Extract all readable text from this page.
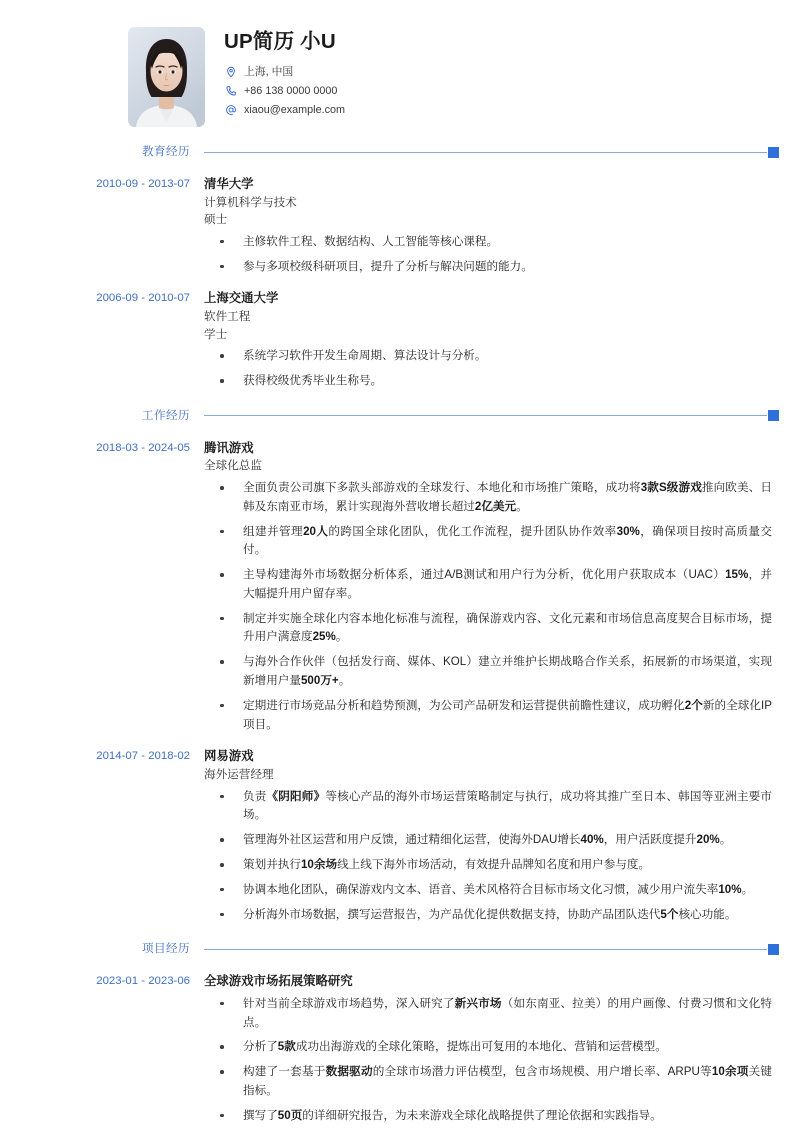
UP简历 小U
上海, 中国
+86 138 0000 0000
xiaou@example.com
教育经历
2010-09 - 2013-07	清华大学
计算机科学与技术
硕士
主修软件工程、数据结构、人工智能等核心课程。
参与多项校级科研项目，提升了分析与解决问题的能力。
2006-09 - 2010-07	上海交通大学
软件工程
学士
系统学习软件开发生命周期、算法设计与分析。
获得校级优秀毕业生称号。
工作经历
2018-03 - 2024-05	腾讯游戏
全球化总监
全面负责公司旗下多款头部游戏的全球发行、本地化和市场推广策略，成功将3款S级游戏推向欧美、日韩及东南亚市场，累计实现海外营收增长超过2亿美元。
组建并管理20人的跨国全球化团队，优化工作流程，提升团队协作效率30%，确保项目按时高质量交付。
主导构建海外市场数据分析体系，通过A/B测试和用户行为分析，优化用户获取成本（UAC）15%，并大幅提升用户留存率。
制定并实施全球化内容本地化标准与流程，确保游戏内容、文化元素和市场信息高度契合目标市场，提升用户满意度25%。
与海外合作伙伴（包括发行商、媒体、KOL）建立并维护长期战略合作关系，拓展新的市场渠道，实现新增用户量500万+。
定期进行市场竞品分析和趋势预测，为公司产品研发和运营提供前瞻性建议，成功孵化2个新的全球化IP项目。
2014-07 - 2018-02	网易游戏
海外运营经理
负责《阴阳师》等核心产品的海外市场运营策略制定与执行，成功将其推广至日本、韩国等亚洲主要市场。
管理海外社区运营和用户反馈，通过精细化运营，使海外DAU增长40%，用户活跃度提升20%。
策划并执行10余场线上线下海外市场活动，有效提升品牌知名度和用户参与度。
协调本地化团队，确保游戏内文本、语音、美术风格符合目标市场文化习惯，减少用户流失率10%。
分析海外市场数据，撰写运营报告，为产品优化提供数据支持，协助产品团队迭代5个核心功能。
项目经历
2023-01 - 2023-06	全球游戏市场拓展策略研究
针对当前全球游戏市场趋势，深入研究了新兴市场（如东南亚、拉美）的用户画像、付费习惯和文化特点。
分析了5款成功出海游戏的全球化策略，提炼出可复用的本地化、营销和运营模型。
构建了一套基于数据驱动的全球市场潜力评估模型，包含市场规模、用户增长率、ARPU等10余项关键指标。
撰写了50页的详细研究报告，为未来游戏全球化战略提供了理论依据和实践指导。
